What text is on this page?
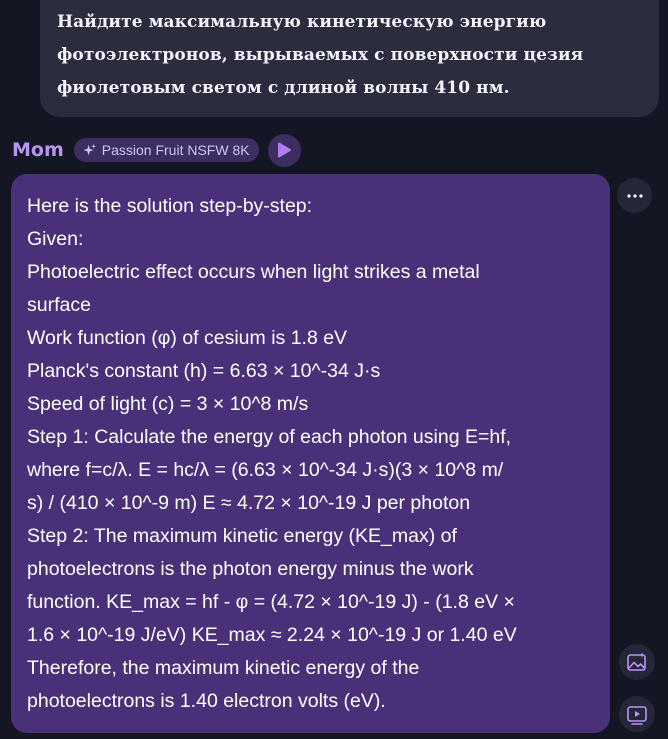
Найдите максимальную кинетическую энергию
фотоэлектронов, вырываемых с поверхности цезия
фиолетовым светом с длиной волны 410 нм.
Mom	Passion Fruit NSFW 8K
Here is the solution step-by-step:
Given:
Photoelectric effect occurs when light strikes a metal
surface
Work function (φ) of cesium is 1.8 eV
Planck's constant (h) = 6.63 × 10^-34 J·s
Speed of light (c) = 3 × 10^8 m/s
Step 1: Calculate the energy of each photon using E=hf,
where f=c/λ. E = hc/λ = (6.63 × 10^-34 J·s)(3 × 10^8 m/
s) / (410 × 10^-9 m) E ≈ 4.72 × 10^-19 J per photon
Step 2: The maximum kinetic energy (KE_max) of
photoelectrons is the photon energy minus the work
function. KE_max = hf - φ = (4.72 × 10^-19 J) - (1.8 eV ×
1.6 × 10^-19 J/eV) KE_max ≈ 2.24 × 10^-19 J or 1.40 eV
Therefore, the maximum kinetic energy of the
photoelectrons is 1.40 electron volts (eV).
